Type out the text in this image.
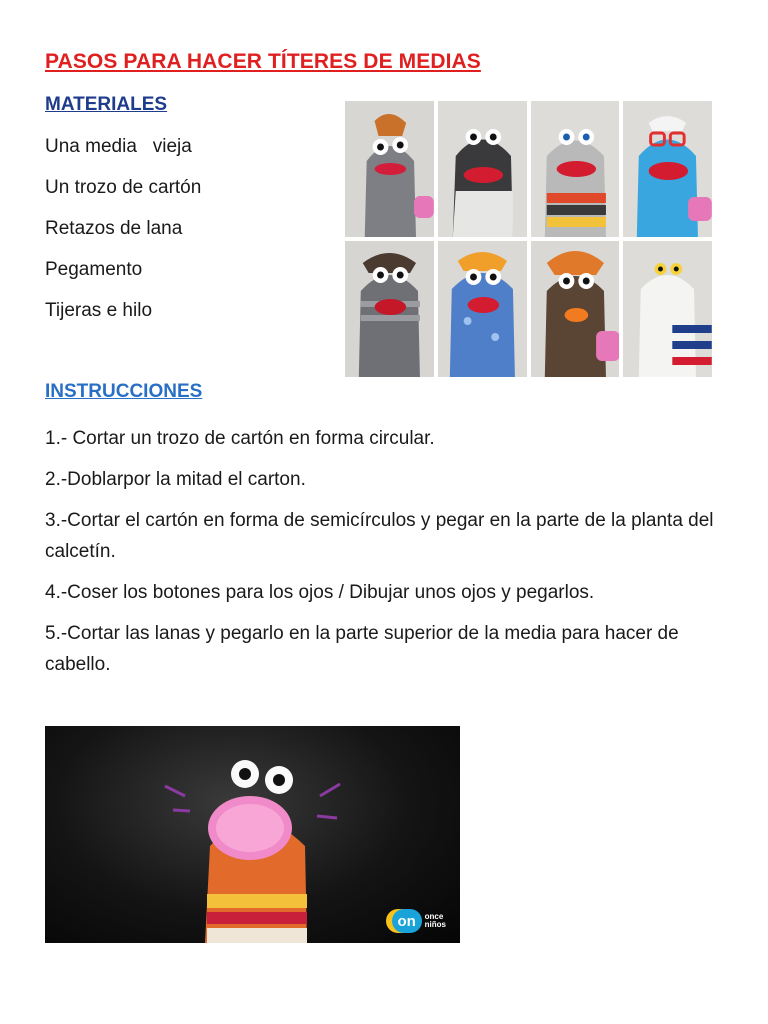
PASOS PARA HACER TÍTERES DE MEDIAS
MATERIALES
Una media   vieja
Un trozo de cartón
Retazos de lana
Pegamento
Tijeras e hilo
INSTRUCCIONES
1.- Cortar un trozo de cartón en forma circular.
2.-Doblarpor la mitad el carton.
3.-Cortar el cartón en forma de semicírculos y pegar en la parte de la planta del calcetín.
4.-Coser los botones para los ojos / Dibujar unos ojos y pegarlos.
5.-Cortar las lanas y pegarlo en la parte superior de la media para hacer de cabello.
on	once
niños
